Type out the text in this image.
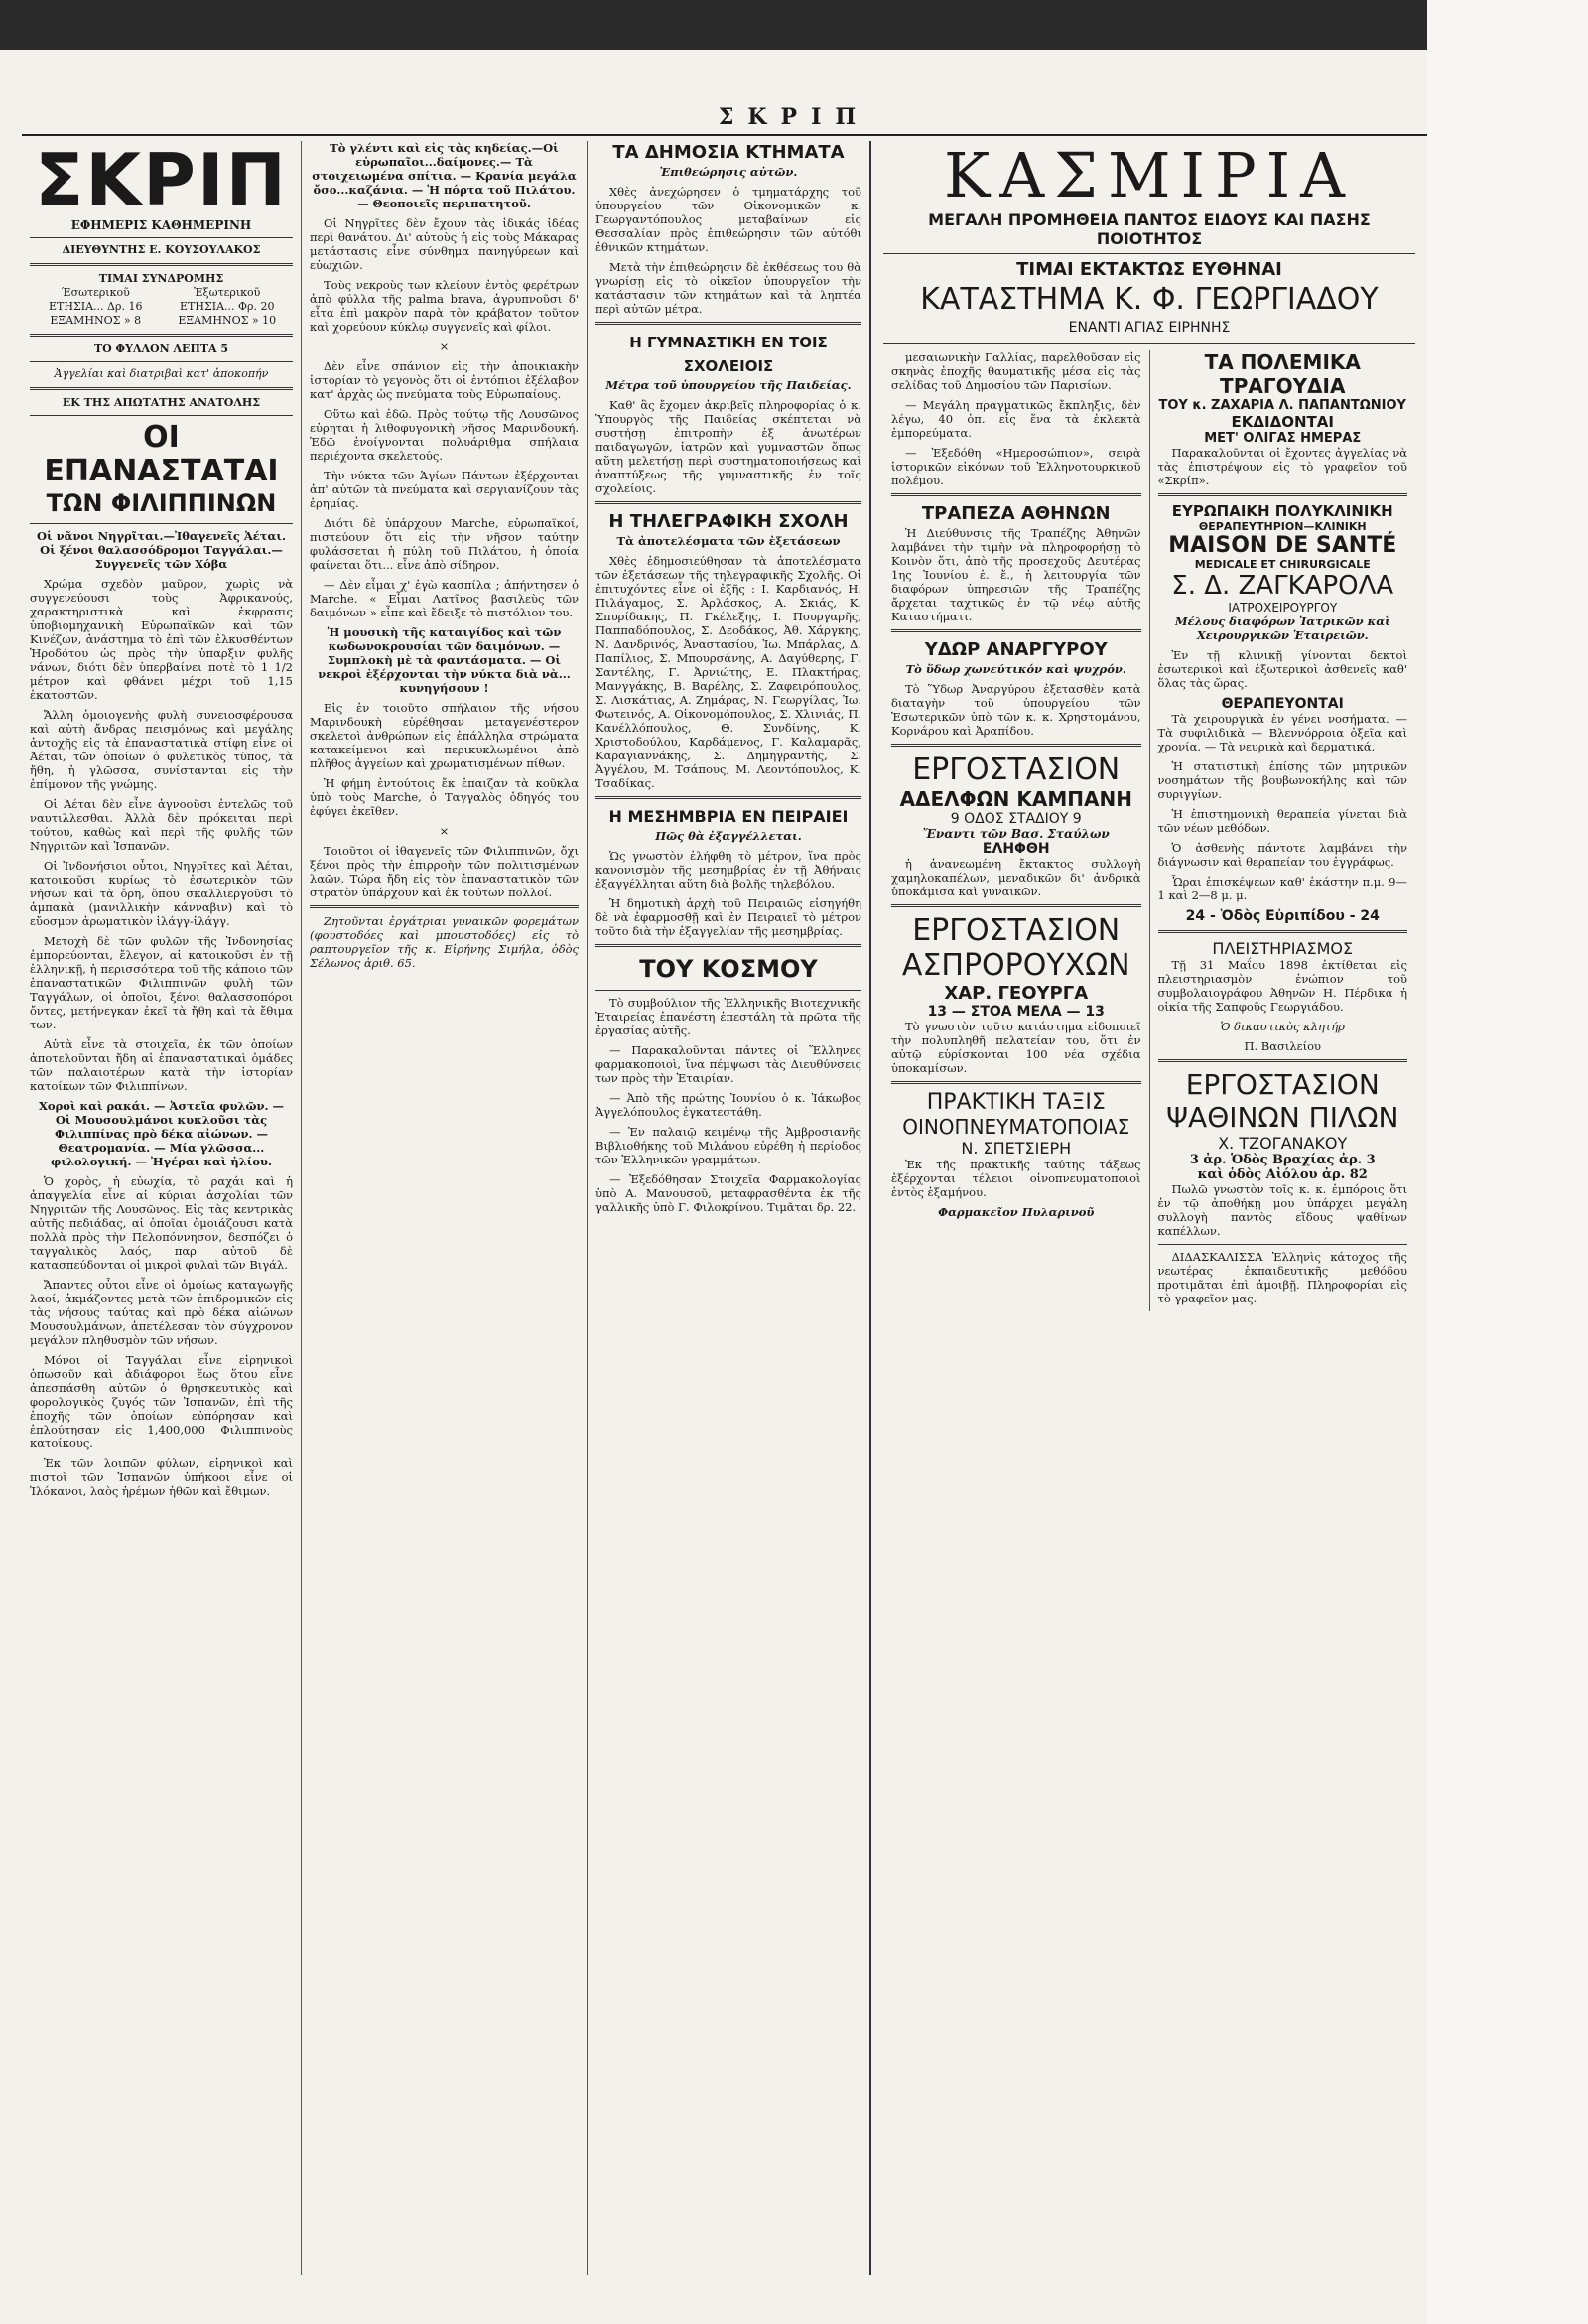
ΣΚΡΙΠ
ΣΚΡΙΠ
ΕΦΗΜΕΡΙΣ ΚΑΘΗΜΕΡΙΝΗ
ΔΙΕΥΘΥΝΤΗΣ Ε. ΚΟΥΣΟΥΛΑΚΟΣ
ΤΙΜΑΙ ΣΥΝΔΡΟΜΗΣ
Έσωτερικοῦ
ΕΤΗΣΙΑ... Δρ. 16
ΕΞΑΜΗΝΟΣ » 8
Ἐξωτερικοῦ
ΕΤΗΣΙΑ... Φρ. 20
ΕΞΑΜΗΝΟΣ » 10
ΤΟ ΦΥΛΛΟΝ ΛΕΠΤΑ 5
Ἀγγελίαι καὶ διατριβαὶ κατ' ἀποκοπήν
ΕΚ ΤΗΣ ΑΠΩΤΑΤΗΣ ΑΝΑΤΟΛΗΣ
ΟΙ ΕΠΑΝΑΣΤΑΤΑΙ
ΤΩΝ ΦΙΛΙΠΠΙΝΩΝ

Οἱ νᾶνοι Νηγρῖται.—Ἰθαγενεῖς Ἀέται. Οἱ ξένοι θαλασσόδρομοι Ταγγάλαι.—Συγγενεῖς τῶν Χόβα

Χρώμα σχεδὸν μαῦρον, χωρὶς νὰ συγγενεύουσι τοὺς Ἀφρικανούς, χαρακτηριστικὰ καὶ ἐκφρασις ὑποβιομηχανικὴ Εὐρωπαϊκῶν καὶ τῶν Κινέζων, ἀνάστημα τὸ ἐπὶ τῶν ἑλκυσθέντων Ἡροδότου ὡς πρὸς τὴν ὑπαρξιν φυλῆς νάνων, διότι δὲν ὑπερβαίνει ποτὲ τὸ 1 1/2 μέτρον καὶ φθάνει μέχρι τοῦ 1,15 ἑκατοστῶν.

Ἄλλη ὁμοιογενὴς φυλὴ συνειοσφέρουσα καὶ αὐτὴ ἄνδρας πεισμόνως καὶ μεγάλης ἀντοχῆς εἰς τὰ ἐπαναστατικὰ στίφη εἶνε οἱ Ἀέται, τῶν ὁποίων ὁ φυλετικὸς τύπος, τὰ ἤθη, ἡ γλῶσσα, συνίστανται εἰς τὴν ἐπίμονον τῆς γνώμης.

Οἱ Ἀέται δὲν εἶνε ἀγνοοῦσι ἐντελῶς τοῦ ναυτιλλεσθαι. Ἀλλὰ δὲν πρόκειται περὶ τούτου, καθὼς καὶ περὶ τῆς φυλῆς τῶν Νηγριτῶν καὶ Ἰσπανῶν.

Οἱ Ἰνδονήσιοι οὗτοι, Νηγρῖτες καὶ Ἀέται, κατοικοῦσι κυρίως τὸ ἐσωτερικὸν τῶν νήσων καὶ τὰ ὄρη, ὅπου σκαλλιεργοῦσι τὸ ἀμπακὰ (μανιλλικὴν κάνναβιν) καὶ τὸ εὔοσμον ἀρωματικὸν ἰλάγγ-ἰλάγγ.

Μετοχὴ δὲ τῶν φυλῶν τῆς Ἰνδονησίας ἐμπορεύονται, ἔλεγον, αἱ κατοικοῦσι ἐν τῇ ἑλληνικῇ, ἡ περισσότερα τοῦ τῆς κάποιο τῶν ἐπαναστατικῶν Φιλιππινῶν φυλὴ τῶν Ταγγάλων, οἱ ὁποῖοι, ξένοι θαλασσοπόροι ὄντες, μετήνεγκαν ἐκεῖ τὰ ἤθη καὶ τὰ ἔθιμα των.

Αὐτὰ εἶνε τὰ στοιχεῖα, ἐκ τῶν ὁποίων ἀποτελοῦνται ἤδη αἱ ἐπαναστατικαὶ ὁμάδες τῶν παλαιοτέρων κατὰ τὴν ἱστορίαν κατοίκων τῶν Φιλιππίνων.

Χοροὶ καὶ ρακάι. — Ἀστεῖα φυλῶν. — Οἱ Μουσουλμάνοι κυκλοῦσι τὰς Φιλιππίνας πρὸ δέκα αἰώνων. — Θεατρομανία. — Μία γλῶσσα... φιλολογική. — Ἠγέραι καὶ ἡλίου.

Ὁ χορὸς, ἡ εὐωχία, τὸ ραχάι καὶ ἡ ἀπαγγελία εἶνε αἱ κύριαι ἀσχολίαι τῶν Νηγριτῶν τῆς Λουσῶνος. Εἰς τὰς κεντρικὰς αὐτῆς πεδιάδας, αἱ ὁποῖαι ὁμοιάζουσι κατὰ πολλὰ πρὸς τὴν Πελοπόννησον, δεσπόζει ὁ ταγγαλικὸς λαός, παρ' αὐτοῦ δὲ κατασπεύδονται οἱ μικροὶ φυλαὶ τῶν Βιγάλ.

Ἄπαντες οὗτοι εἶνε οἱ ὁμοίως καταγωγῆς λαοί, ἀκμάζοντες μετὰ τῶν ἐπιδρομικῶν εἰς τὰς νήσους ταύτας καὶ πρὸ δέκα αἰώνων Μουσουλμάνων, ἀπετέλεσαν τὸν σύγχρονον μεγάλον πληθυσμὸν τῶν νήσων.

Μόνοι οἱ Ταγγάλαι εἶνε εἰρηνικοὶ ὁπωσοῦν καὶ ἀδιάφοροι ἕως ὅτου εἶνε ἀπεσπάσθη αὐτῶν ὁ θρησκευτικὸς καὶ φορολογικὸς ζυγός τῶν Ἰσπανῶν, ἐπὶ τῆς ἐποχῆς τῶν ὁποίων εὐπόρησαν καὶ ἐπλούτησαν εἰς 1,400,000 Φιλιππινοὺς κατοίκους.

Ἐκ τῶν λοιπῶν φύλων, εἰρηνικοὶ καὶ πιστοὶ τῶν Ἰσπανῶν ὑπήκοοι εἶνε οἱ Ἰλόκανοι, λαὸς ἡρέμων ἠθῶν καὶ ἔθιμων.

Τὸ γλέντι καὶ εἰς τὰς κηδείας.—Οἱ εὐρωπαῖοι...δαίμονες.— Τὰ στοιχειωμένα σπίτια. — Κρανία μεγάλα ὄσο...καζάνια. — Ἡ πόρτα τοῦ Πιλάτου. — Θεοποιεῖς περιπατητοῦ.

Οἱ Νηγρῖτες δὲν ἔχουν τὰς ἰδικάς ἰδέας περὶ θανάτου. Δι' αὐτοὺς ἡ εἰς τοὺς Μάκαρας μετάστασις εἶνε σύνθημα πανηγύρεων καὶ εὐωχιῶν.

Τοὺς νεκροὺς των κλείουν ἐντὸς φερέτρων ἀπὸ φύλλα τῆς palma brava, ἀγρυπνοῦσι δ' εἶτα ἐπὶ μακρὸν παρὰ τὸν κράβατον τοῦτον καὶ χορεύουν κύκλῳ συγγενεῖς καὶ φίλοι.

×

Δὲν εἶνε σπάνιον εἰς τὴν ἀποικιακὴν ἱστορίαν τὸ γεγονὸς ὅτι οἱ ἐντόπιοι ἐξέλαβον κατ' ἀρχὰς ὡς πνεύματα τοὺς Εὐρωπαίους.

Οὕτω καὶ ἐδῶ. Πρὸς τούτῳ τῆς Λουσῶνος εὑρηται ἡ λιθοφυγονικὴ νῆσος Μαρινδουκή. Ἐδῶ ἐνοίγνονται πολυάριθμα σπήλαια περιέχοντα σκελετούς.

Τὴν νύκτα τῶν Ἁγίων Πάντων ἐξέρχονται ἀπ' αὐτῶν τὰ πνεύματα καὶ σεργιανίζουν τὰς ἐρημίας.

Διότι δὲ ὑπάρχουν Marche, εὑρωπαϊκοί, πιστεύουν ὅτι εἰς τὴν νῆσον ταύτην φυλάσσεται ἡ πύλη τοῦ Πιλάτου, ἡ ὁποία φαίνεται ὅτι... εἶνε ἀπὸ σίδηρον.

— Δὲν εἶμαι χ' ἐγὼ κασπίλα ; ἀπήντησεν ὁ Marche. « Εἶμαι Λατῖνος βασιλεὺς τῶν δαιμόνων » εἶπε καὶ ἔδειξε τὸ πιστόλιον του.

Ἡ μουσικὴ τῆς καταιγίδος καὶ τῶν κωδωνοκρουσίαι τῶν δαιμόνων. — Συμπλοκὴ μὲ τὰ φαντάσματα. — Οἱ νεκροὶ ἐξέρχονται τὴν νύκτα διὰ νὰ... κυνηγήσουν !

Εἰς ἐν τοιοῦτο σπήλαιον τῆς νήσου Μαρινδουκὴ εὑρέθησαν μεταγενέστερον σκελετοὶ ἀνθρώπων εἰς ἐπάλληλα στρώματα κατακείμενοι καὶ περικυκλωμένοι ἀπὸ πλῆθος ἀγγείων καὶ χρωματισμένων πίθων.

Ἡ φήμη ἐντούτοις ἔκ ἐπαιζαν τὰ κοῦκλα ὑπὸ τοὺς Marche, ὁ Ταγγαλὸς ὁδηγός του ἐφύγει ἐκεῖθεν.

×

Τοιοῦτοι οἱ ἰθαγενεῖς τῶν Φιλιππινῶν, ὄχι ξένοι πρὸς τὴν ἐπιρροὴν τῶν πολιτισμένων λαῶν. Τώρα ἤδη εἰς τὸν ἐπαναστατικὸν τῶν στρατὸν ὑπάρχουν καὶ ἐκ τούτων πολλοί.

Ζητοῦνται ἐργάτριαι γυναικῶν φορεμάτων (φουστοδόες καὶ μπουστοδόες) εἰς τὸ ραπτουργεῖον τῆς κ. Εἰρήνης Σιμήλα, ὁδὸς Σέλωνος ἀριθ. 65.

ΤΑ ΔΗΜΟΣΙΑ ΚΤΗΜΑΤΑ

Ἐπιθεώρησις αὐτῶν.

Χθὲς ἀνεχώρησεν ὁ τμηματάρχης τοῦ ὑπουργείου τῶν Οἰκονομικῶν κ. Γεωργαντόπουλος μεταβαίνων εἰς Θεσσαλίαν πρὸς ἐπιθεώρησιν τῶν αὐτόθι ἐθνικῶν κτημάτων.

Μετὰ τὴν ἐπιθεώρησιν δὲ ἐκθέσεως του θὰ γνωρίσῃ εἰς τὸ οἰκεῖον ὑπουργεῖον τὴν κατάστασιν τῶν κτημάτων καὶ τὰ ληπτέα περὶ αὐτῶν μέτρα.

Η ΓΥΜΝΑΣΤΙΚΗ ΕΝ ΤΟΙΣ ΣΧΟΛΕΙΟΙΣ

Μέτρα τοῦ ὑπουργείου τῆς Παιδείας.

Καθ' ἃς ἔχομεν ἀκριβεῖς πληροφορίας ὁ κ. Ὑπουργὸς τῆς Παιδείας σκέπτεται νὰ συστήσῃ ἐπιτροπὴν ἐξ ἀνωτέρων παιδαγωγῶν, ἰατρῶν καὶ γυμναστῶν ὅπως αὕτη μελετήσῃ περὶ συστηματοποιήσεως καὶ ἀναπτύξεως τῆς γυμναστικῆς ἐν τοῖς σχολείοις.

Η ΤΗΛΕΓΡΑΦΙΚΗ ΣΧΟΛΗ

Τὰ ἀποτελέσματα τῶν ἐξετάσεων

Χθὲς ἐδημοσιεύθησαν τὰ ἀποτελέσματα τῶν ἐξετάσεων τῆς τηλεγραφικῆς Σχολῆς. Οἱ ἐπιτυχόντες εἶνε οἱ ἑξῆς : Ι. Καρδιανός, Η. Πιλάγαμος, Σ. Ἀρλάσκος, Α. Σκιάς, Κ. Σπυρίδακης, Π. Γκέλεξης, Ι. Πουργαρῆς, Παππαδόπουλος, Σ. Δεοδάκος, Ἀθ. Χάργκης, Ν. Δανδρινός, Ἀναστασίου, Ἰω. Μπάρλας, Δ. Παπίλιος, Σ. Μπουρσάνης, Α. Δαγύθερης, Γ. Σαντέλης, Γ. Ἀρνιώτης, Ε. Πλακτήρας, Μανγγάκης, Β. Βαρέλης, Σ. Ζαφειρόπουλος, Σ. Λισκάτιας, Α. Ζημάρας, Ν. Γεωργίλας, Ἰω. Φωτεινός, Α. Οἰκονομόπουλος, Σ. Χλινιάς, Π. Κανέλλόπουλος, Θ. Συνδίνης, Κ. Χριστοδούλου, Καρδάμενος, Γ. Καλαμαρᾶς, Καραγιαννάκης, Σ. Δημηγραντῆς, Σ. Ἀγγέλου, Μ. Τσάπους, Μ. Λεοντόπουλος, Κ. Τσαδίκας.

Η ΜΕΣΗΜΒΡΙΑ ΕΝ ΠΕΙΡΑΙΕΙ

Πῶς θὰ ἐξαγγέλλεται.

Ὡς γνωστὸν ἐλήφθη τὸ μέτρον, ἵνα πρὸς κανονισμὸν τῆς μεσημβρίας ἐν τῇ Ἀθήναις ἐξαγγέλληται αὕτη διὰ βολῆς τηλεβόλου.

Ἡ δημοτικὴ ἀρχὴ τοῦ Πειραιῶς εἰσηγήθη δὲ νὰ ἐφαρμοσθῇ καὶ ἐν Πειραιεῖ τὸ μέτρον τοῦτο διὰ τὴν ἐξαγγελίαν τῆς μεσημβρίας.

ΤΟΥ ΚΟΣΜΟΥ

Τὸ συμβούλιον τῆς Ἑλληνικῆς Βιοτεχνικῆς Ἑταιρείας ἐπανέστη ἐπεστάλη τὰ πρῶτα τῆς ἐργασίας αὐτῆς.

— Παρακαλοῦνται πάντες οἱ Ἕλληνες φαρμακοποιοὶ, ἵνα πέμψωσι τὰς Διευθύνσεις των πρὸς τὴν Ἑταιρίαν.

— Ἀπὸ τῆς πρώτης Ἰουνίου ὁ κ. Ἰάκωβος Ἀγγελόπουλος ἐγκατεστάθη.

— Ἐν παλαιῷ κειμένῳ τῆς Ἀμβροσιανῆς Βιβλιοθήκης τοῦ Μιλάνου εὑρέθη ἡ περίοδος τῶν Ἑλληνικῶν γραμμάτων.

— Ἐξεδόθησαν Στοιχεῖα Φαρμακολογίας ὑπὸ Α. Μανουσοῦ, μεταφρασθέντα ἐκ τῆς γαλλικῆς ὑπὸ Γ. Φιλοκρίνου. Τιμᾶται δρ. 22.

ΚΑΣΜΙΡΙΑ
ΜΕΓΑΛΗ ΠΡΟΜΗΘΕΙΑ ΠΑΝΤΟΣ ΕΙΔΟΥΣ ΚΑΙ ΠΑΣΗΣ ΠΟΙΟΤΗΤΟΣ
ΤΙΜΑΙ ΕΚΤΑΚΤΩΣ ΕΥΘΗΝΑΙ
ΚΑΤΑΣΤΗΜΑ Κ. Φ. ΓΕΩΡΓΙΑΔΟΥ
ΕΝΑΝΤΙ ΑΓΙΑΣ ΕΙΡΗΝΗΣ

μεσαιωνικὴν Γαλλίας, παρελθοῦσαν εἰς σκηνὰς ἐποχῆς θαυματικῆς μέσα εἰς τὰς σελίδας τοῦ Δημοσίου τῶν Παρισίων.

— Μεγάλη πραγματικῶς ἔκπληξις, δὲν λέγω, 40 ὁπ. εἶς ἕνα τὰ ἐκλεκτὰ ἐμπορεύματα.

— Ἐξεδόθη «Ημεροσώπιον», σειρὰ ἱστορικῶν εἰκόνων τοῦ Ἑλληνοτουρκικοῦ πολέμου.

ΤΡΑΠΕΖΑ ΑΘΗΝΩΝ

Ἡ Διεύθυνσις τῆς Τραπέζης Ἀθηνῶν λαμβάνει τὴν τιμὴν νὰ πληροφορήσῃ τὸ Κοινὸν ὅτι, ἀπὸ τῆς προσεχοῦς Δευτέρας 1ης Ἰουνίου ἐ. ἔ., ἡ λειτουργία τῶν διαφόρων ὑπηρεσιῶν τῆς Τραπέζης ἄρχεται ταχτικῶς ἐν τῷ νέῳ αὐτῆς Καταστήματι.

ΥΔΩΡ ΑΝΑΡΓΥΡΟΥ

Τὸ ὕδωρ χωνεύτικόν καὶ ψυχρόν.

Τὸ Ὕδωρ Ἀναργύρου ἐξετασθὲν κατὰ διαταγὴν τοῦ ὑπουργείου τῶν Ἐσωτερικῶν ὑπὸ τῶν κ. κ. Χρηστομάνου, Κορνάρου καὶ Ἀραπίδου.

ΕΡΓΟΣΤΑΣΙΟΝ
ΑΔΕΛΦΩΝ ΚΑΜΠΑΝΗ
9 ΟΔΟΣ ΣΤΑΔΙΟΥ 9
Ἔναντι τῶν Βασ. Σταύλων
ΕΛΗΦΘΗ

ἡ ἀνανεωμένη ἔκτακτος συλλογὴ χαμηλοκαπέλων, μεναδικῶν δι' ἀνδρικὰ ὑποκάμισα καὶ γυναικῶν.

ΕΡΓΟΣΤΑΣΙΟΝ
ΑΣΠΡΟΡΟΥΧΩΝ
ΧΑΡ. ΓΕΟΥΡΓΑ
13 — ΣΤΟΑ ΜΕΛΑ — 13

Τὸ γνωστὸν τοῦτο κατάστημα εἰδοποιεῖ τὴν πολυπληθῆ πελατείαν του, ὅτι ἐν αὐτῷ εὑρίσκονται 100 νέα σχέδια ὑποκαμίσων.

ΠΡΑΚΤΙΚΗ ΤΑΞΙΣ
ΟΙΝΟΠΝΕΥΜΑΤΟΠΟΙΑΣ
Ν. ΣΠΕΤΣΙΕΡΗ

Ἐκ τῆς πρακτικῆς ταύτης τάξεως ἐξέρχονται τέλειοι οἰνοπνευματοποιοὶ ἐντὸς ἑξαμήνου.

Φαρμακεῖον Πυλαρινοῦ

ΤΑ ΠΟΛΕΜΙΚΑ ΤΡΑΓΟΥΔΙΑ
ΤΟΥ κ. ΖΑΧΑΡΙΑ Λ. ΠΑΠΑΝΤΩΝΙΟΥ
ΕΚΔΙΔΟΝΤΑΙ
ΜΕΤ' ΟΛΙΓΑΣ ΗΜΕΡΑΣ

Παρακαλοῦνται οἱ ἔχοντες ἀγγελίας νὰ τὰς ἐπιστρέψουν εἰς τὸ γραφεῖον τοῦ «Σκρίπ».

ΕΥΡΩΠΑΙΚΗ ΠΟΛΥΚΛΙΝΙΚΗ
ΘΕΡΑΠΕΥΤΗΡΙΟΝ—ΚΛΙΝΙΚΗ
MAISON DE SANTÉ
MEDICALE ET CHIRURGICALE
Σ. Δ. ΖΑΓΚΑΡΟΛΑ
ΙΑΤΡΟΧΕΙΡΟΥΡΓΟΥ

Μέλους διαφόρων Ἰατρικῶν καὶ Χειρουργικῶν Ἑταιρειῶν.

Ἐν τῇ κλινικῇ γίνονται δεκτοὶ ἐσωτερικοὶ καὶ ἐξωτερικοὶ ἀσθενεῖς καθ' ὅλας τὰς ὥρας.

ΘΕΡΑΠΕΥΟΝΤΑΙ

Τὰ χειρουργικὰ ἐν γένει νοσήματα. — Τὰ συφιλιδικὰ — Βλεννόρροια ὀξεῖα καὶ χρονία. — Τὰ νευρικὰ καὶ δερματικά.

Ἡ στατιστικὴ ἐπίσης τῶν μητρικῶν νοσημάτων τῆς βουβωνοκήλης καὶ τῶν συριγγίων.

Ἡ ἐπιστημονικὴ θεραπεία γίνεται διὰ τῶν νέων μεθόδων.

Ὁ ἀσθενὴς πάντοτε λαμβάνει τὴν διάγνωσιν καὶ θεραπείαν του ἐγγράφως.

Ὧραι ἐπισκέψεων καθ' ἑκάστην π.μ. 9—1 καὶ 2—8 μ. μ.

24 - Ὁδὸς Εὐριπίδου - 24
ΠΛΕΙΣΤΗΡΙΑΣΜΟΣ

Τῇ 31 Μαΐου 1898 ἐκτίθεται εἰς πλειστηριασμὸν ἐνώπιον τοῦ συμβολαιογράφου Ἀθηνῶν Η. Πέρδικα ἡ οἰκία τῆς Σαπφοῦς Γεωργιάδου.

Ὁ δικαστικὸς κλητήρ

Π. Βασιλείου

ΕΡΓΟΣΤΑΣΙΟΝ
ΨΑΘΙΝΩΝ ΠΙΛΩΝ
Χ. ΤΖΟΓΑΝΑΚΟΥ
3 ἀρ. Ὁδὸς Βραχίας ἀρ. 3
καὶ ὁδὸς Αἰόλου ἀρ. 82

Πωλῶ γνωστὸν τοῖς κ. κ. ἐμπόροις ὅτι ἐν τῷ ἀποθήκῃ μου ὑπάρχει μεγάλη συλλογὴ παντὸς εἴδους ψαθίνων καπέλλων.

ΔΙΔΑΣΚΑΛΙΣΣΑ Ἑλληνὶς κάτοχος τῆς νεωτέρας ἐκπαιδευτικῆς μεθόδου προτιμᾶται ἐπὶ ἀμοιβῇ. Πληροφορίαι εἰς τὸ γραφεῖον μας.
